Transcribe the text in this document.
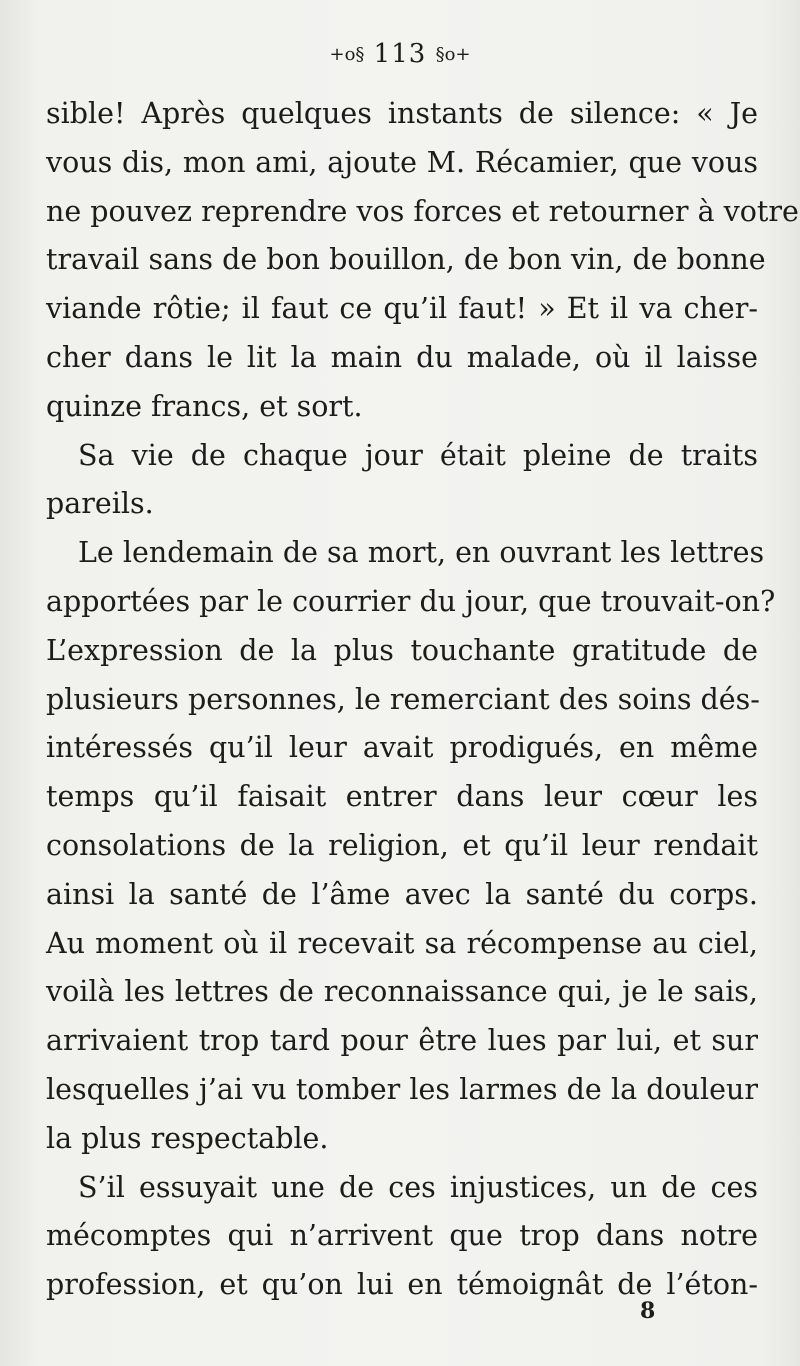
+o§ 113 §o+
sible! Après quelques instants de silence: « Je
vous dis, mon ami, ajoute M. Récamier, que vous
ne pouvez reprendre vos forces et retourner à votre
travail sans de bon bouillon, de bon vin, de bonne
viande rôtie; il faut ce qu’il faut! » Et il va cher-
cher dans le lit la main du malade, où il laisse
quinze francs, et sort.
Sa vie de chaque jour était pleine de traits
pareils.
Le lendemain de sa mort, en ouvrant les lettres
apportées par le courrier du jour, que trouvait-on?
L’expression de la plus touchante gratitude de
plusieurs personnes, le remerciant des soins dés-
intéressés qu’il leur avait prodigués, en même
temps qu’il faisait entrer dans leur cœur les
consolations de la religion, et qu’il leur rendait
ainsi la santé de l’âme avec la santé du corps.
Au moment où il recevait sa récompense au ciel,
voilà les lettres de reconnaissance qui, je le sais,
arrivaient trop tard pour être lues par lui, et sur
lesquelles j’ai vu tomber les larmes de la douleur
la plus respectable.
S’il essuyait une de ces injustices, un de ces
mécomptes qui n’arrivent que trop dans notre
profession, et qu’on lui en témoignât de l’éton-
8
